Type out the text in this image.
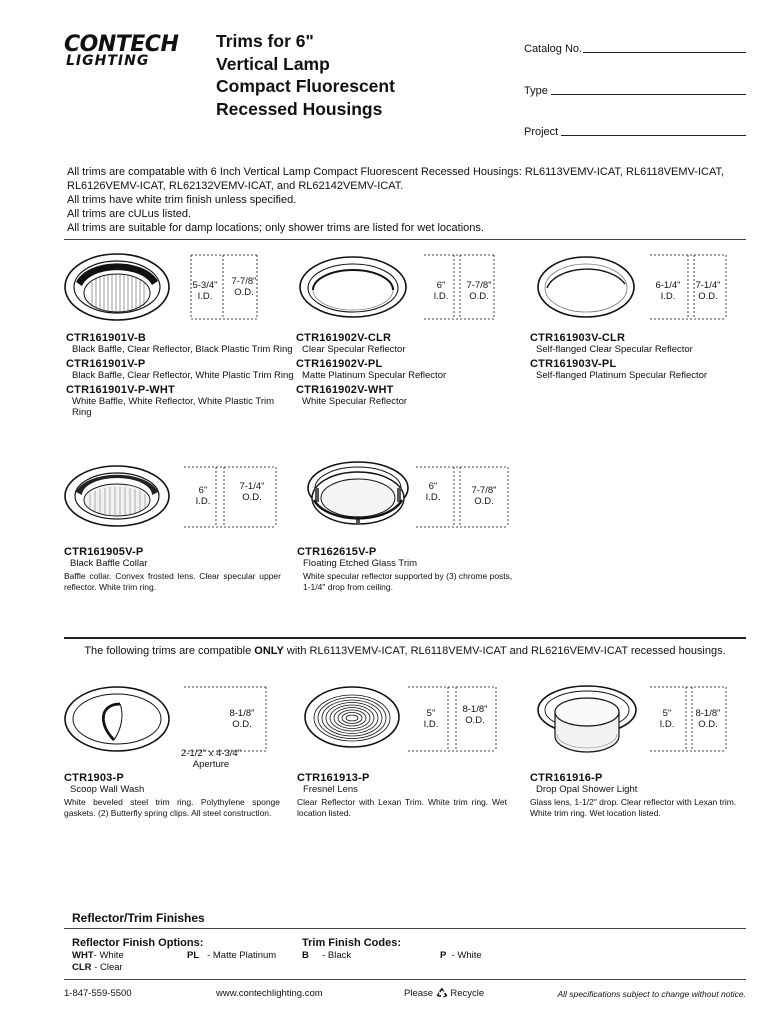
CONTECH
LIGHTING
Trims for 6"
Vertical Lamp
Compact Fluorescent
Recessed Housings
Catalog No.
Type
Project
All trims are compatable with 6 Inch Vertical Lamp Compact Fluorescent Recessed Housings: RL6113VEMV-ICAT, RL6118VEMV-ICAT,
RL6126VEMV-ICAT, RL62132VEMV-ICAT, and RL62142VEMV-ICAT.
All trims have white trim finish unless specified.
All trims are cULus listed.
All trims are suitable for damp locations; only shower trims are listed for wet locations.
5-3/4"
I.D.
7-7/8"
O.D.
6"
I.D.
7-7/8"
O.D.
6-1/4"
I.D.
7-1/4"
O.D.
CTR161901V-B
Black Baffle, Clear Reflector, Black Plastic Trim Ring
CTR161901V-P
Black Baffle, Clear Reflector, White Plastic Trim Ring
CTR161901V-P-WHT
White Baffle, White Reflector, White Plastic Trim Ring
CTR161902V-CLR
Clear Specular Reflector
CTR161902V-PL
Matte Platinum Specular Reflector
CTR161902V-WHT
White Specular Reflector
CTR161903V-CLR
Self-flanged Clear Specular Reflector
CTR161903V-PL
Self-flanged Platinum Specular Reflector
6"
I.D.
7-1/4"
O.D.
6"
I.D.
7-7/8"
O.D.
CTR161905V-P
Black Baffle Collar
Baffle collar. Convex frosted lens. Clear specular upper reflector. White trim ring.
CTR162615V-P
Floating Etched Glass Trim
White specular reflector supported by (3) chrome posts, 1-1/4" drop from ceiling.
The following trims are compatible ONLY with RL6113VEMV-ICAT, RL6118VEMV-ICAT and RL6216VEMV-ICAT recessed housings.
8-1/8"
O.D.
2-1/2" x 4-3/4"
Aperture
5"
I.D.
8-1/8"
O.D.
5"
I.D.
8-1/8"
O.D.
CTR1903-P
Scoop Wall Wash
White beveled steel trim ring. Polythylene sponge gaskets. (2) Butterfly spring clips. All steel construction.
CTR161913-P
Fresnel Lens
Clear Reflector with Lexan Trim. White trim ring. Wet location listed.
CTR161916-P
Drop Opal Shower Light
Glass lens, 1-1/2" drop. Clear reflector with Lexan trim. White trim ring. Wet location listed.
Reflector/Trim Finishes
Reflector Finish Options:
WHT- White	PL - Matte Platinum
CLR - Clear
Trim Finish Codes:
B - Black	P - White
1-847-559-5500	www.contechlighting.com	Please Recycle	All specifications subject to change without notice.
